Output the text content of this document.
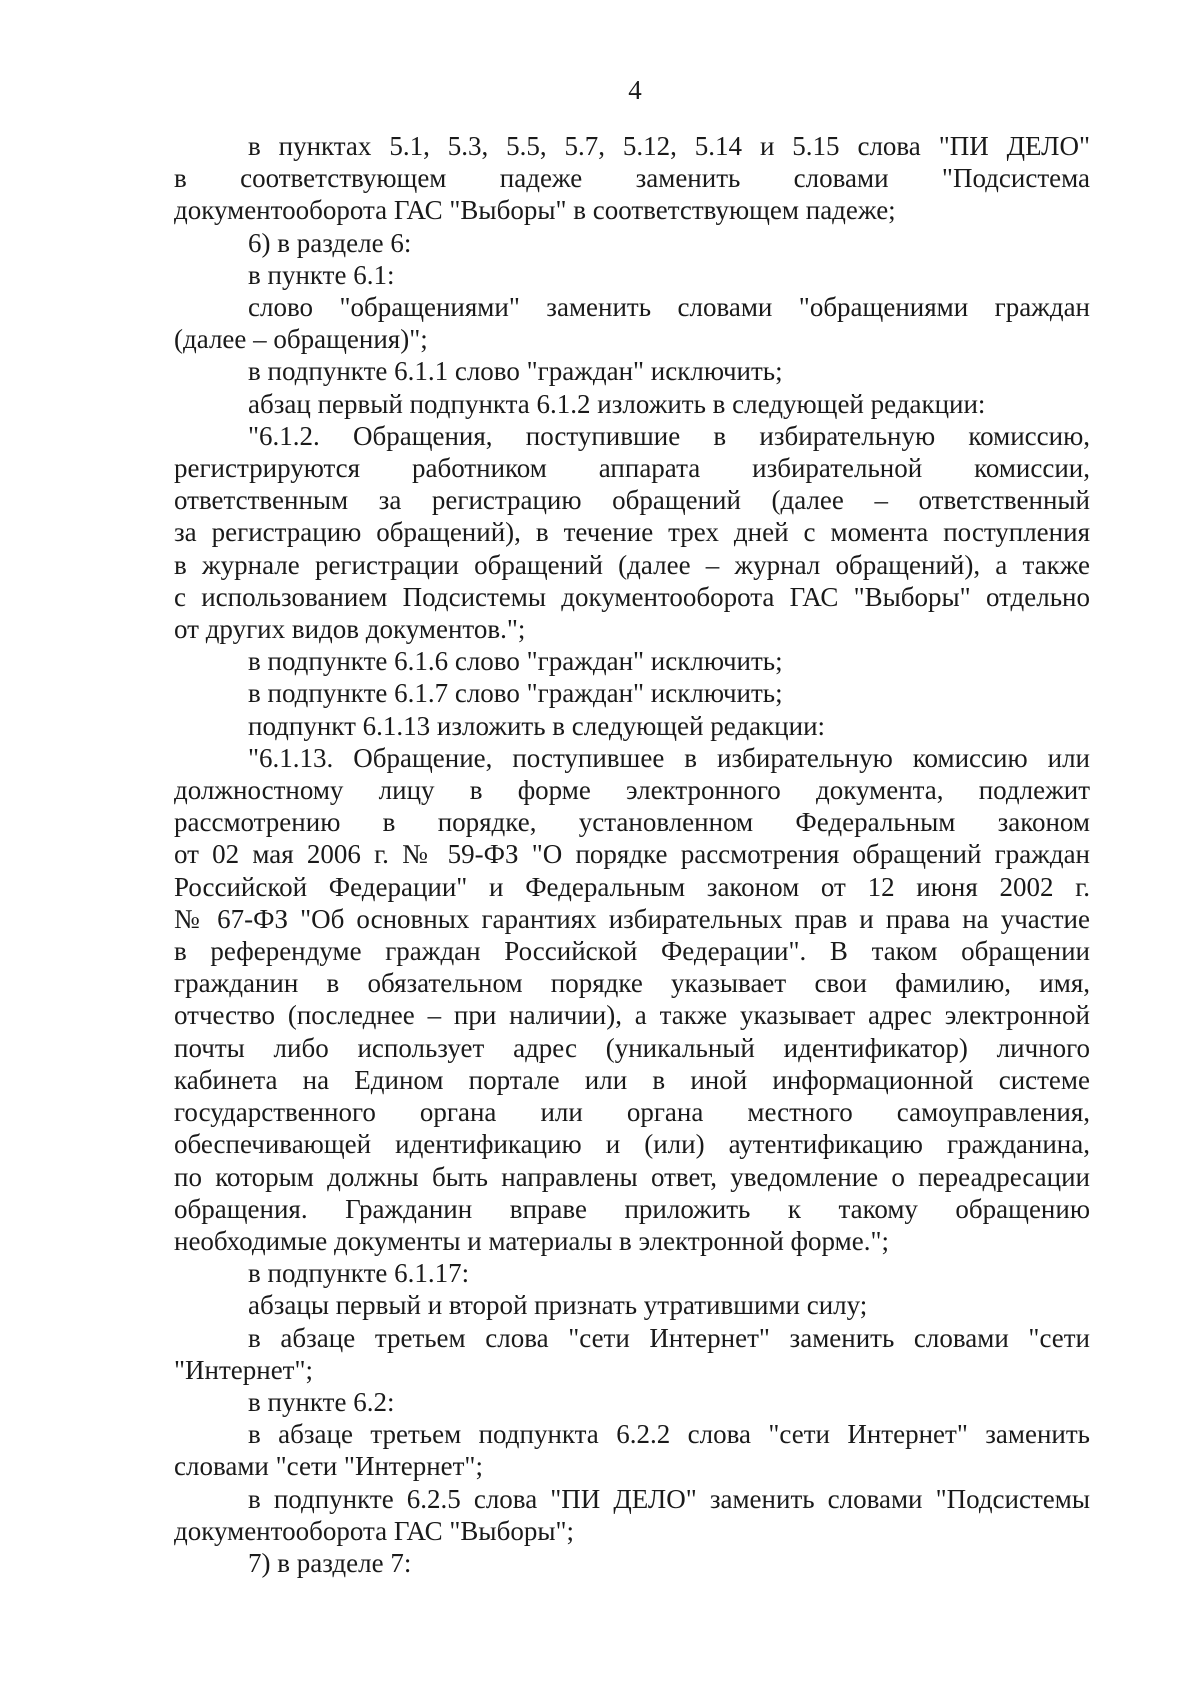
4
в пунктах 5.1, 5.3, 5.5, 5.7, 5.12, 5.14 и 5.15 слова "ПИ ДЕЛО"
в соответствующем падеже заменить словами "Подсистема
документооборота ГАС "Выборы" в соответствующем падеже;
6) в разделе 6:
в пункте 6.1:
слово "обращениями" заменить словами "обращениями граждан
(далее – обращения)";
в подпункте 6.1.1 слово "граждан" исключить;
абзац первый подпункта 6.1.2 изложить в следующей редакции:
"6.1.2. Обращения, поступившие в избирательную комиссию,
регистрируются работником аппарата избирательной комиссии,
ответственным за регистрацию обращений (далее – ответственный
за регистрацию обращений), в течение трех дней с момента поступления
в журнале регистрации обращений (далее – журнал обращений), а также
с использованием Подсистемы документооборота ГАС "Выборы" отдельно
от других видов документов.";
в подпункте 6.1.6 слово "граждан" исключить;
в подпункте 6.1.7 слово "граждан" исключить;
подпункт 6.1.13 изложить в следующей редакции:
"6.1.13. Обращение, поступившее в избирательную комиссию или
должностному лицу в форме электронного документа, подлежит
рассмотрению в порядке, установленном Федеральным законом
от 02 мая 2006 г. № 59-ФЗ "О порядке рассмотрения обращений граждан
Российской Федерации" и Федеральным законом от 12 июня 2002 г.
№ 67-ФЗ "Об основных гарантиях избирательных прав и права на участие
в референдуме граждан Российской Федерации". В таком обращении
гражданин в обязательном порядке указывает свои фамилию, имя,
отчество (последнее – при наличии), а также указывает адрес электронной
почты либо использует адрес (уникальный идентификатор) личного
кабинета на Едином портале или в иной информационной системе
государственного органа или органа местного самоуправления,
обеспечивающей идентификацию и (или) аутентификацию гражданина,
по которым должны быть направлены ответ, уведомление о переадресации
обращения. Гражданин вправе приложить к такому обращению
необходимые документы и материалы в электронной форме.";
в подпункте 6.1.17:
абзацы первый и второй признать утратившими силу;
в абзаце третьем слова "сети Интернет" заменить словами "сети
"Интернет";
в пункте 6.2:
в абзаце третьем подпункта 6.2.2 слова "сети Интернет" заменить
словами "сети "Интернет";
в подпункте 6.2.5 слова "ПИ ДЕЛО" заменить словами "Подсистемы
документооборота ГАС "Выборы";
7) в разделе 7:
